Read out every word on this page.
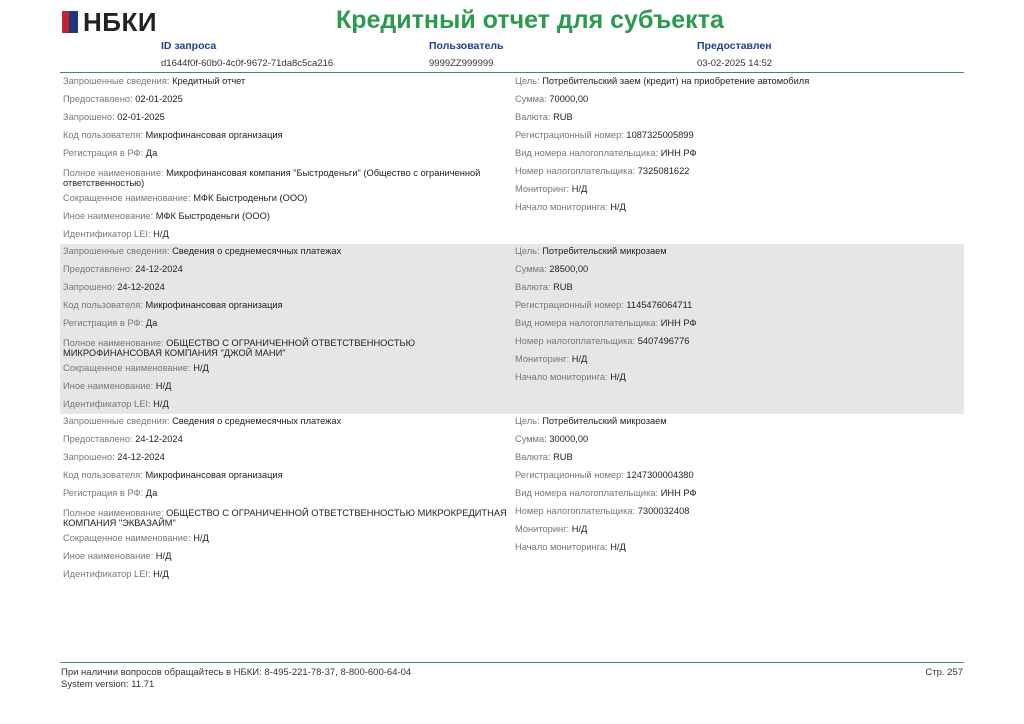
НБКИ	Кредитный отчет для субъекта
ID запроса
d1644f0f-60b0-4c0f-9672-71da8c5ca216
Пользователь
9999ZZ999999
Предоставлен
03-02-2025 14:52
Запрошенные сведения: Кредитный отчет
Предоставлено: 02-01-2025
Запрошено: 02-01-2025
Код пользователя: Микрофинансовая организация
Регистрация в РФ: Да
Полное наименование: Микрофинансовая компания "Быстроденьги" (Общество с ограниченной ответственностью)
Сокращенное наименование: МФК Быстроденьги (ООО)
Иное наименование: МФК Быстроденьги (ООО)
Идентификатор LEI: Н/Д
Цель: Потребительский заем (кредит) на приобретение автомобиля
Сумма: 70000,00
Валюта: RUB
Регистрационный номер: 1087325005899
Вид номера налогоплательщика: ИНН РФ
Номер налогоплательщика: 7325081622
Мониторинг: Н/Д
Начало мониторинга: Н/Д
Запрошенные сведения: Сведения о среднемесячных платежах
Предоставлено: 24-12-2024
Запрошено: 24-12-2024
Код пользователя: Микрофинансовая организация
Регистрация в РФ: Да
Полное наименование: ОБЩЕСТВО С ОГРАНИЧЕННОЙ ОТВЕТСТВЕННОСТЬЮ МИКРОФИНАНСОВАЯ КОМПАНИЯ "ДЖОЙ МАНИ"
Сокращенное наименование: Н/Д
Иное наименование: Н/Д
Идентификатор LEI: Н/Д
Цель: Потребительский микрозаем
Сумма: 28500,00
Валюта: RUB
Регистрационный номер: 1145476064711
Вид номера налогоплательщика: ИНН РФ
Номер налогоплательщика: 5407496776
Мониторинг: Н/Д
Начало мониторинга: Н/Д
Запрошенные сведения: Сведения о среднемесячных платежах
Предоставлено: 24-12-2024
Запрошено: 24-12-2024
Код пользователя: Микрофинансовая организация
Регистрация в РФ: Да
Полное наименование: ОБЩЕСТВО С ОГРАНИЧЕННОЙ ОТВЕТСТВЕННОСТЬЮ МИКРОКРЕДИТНАЯ КОМПАНИЯ "ЭКВАЗАЙМ"
Сокращенное наименование: Н/Д
Иное наименование: Н/Д
Идентификатор LEI: Н/Д
Цель: Потребительский микрозаем
Сумма: 30000,00
Валюта: RUB
Регистрационный номер: 1247300004380
Вид номера налогоплательщика: ИНН РФ
Номер налогоплательщика: 7300032408
Мониторинг: Н/Д
Начало мониторинга: Н/Д
При наличии вопросов обращайтесь в НБКИ: 8-495-221-78-37, 8-800-600-64-04
System version: 11.71
Стр. 257
